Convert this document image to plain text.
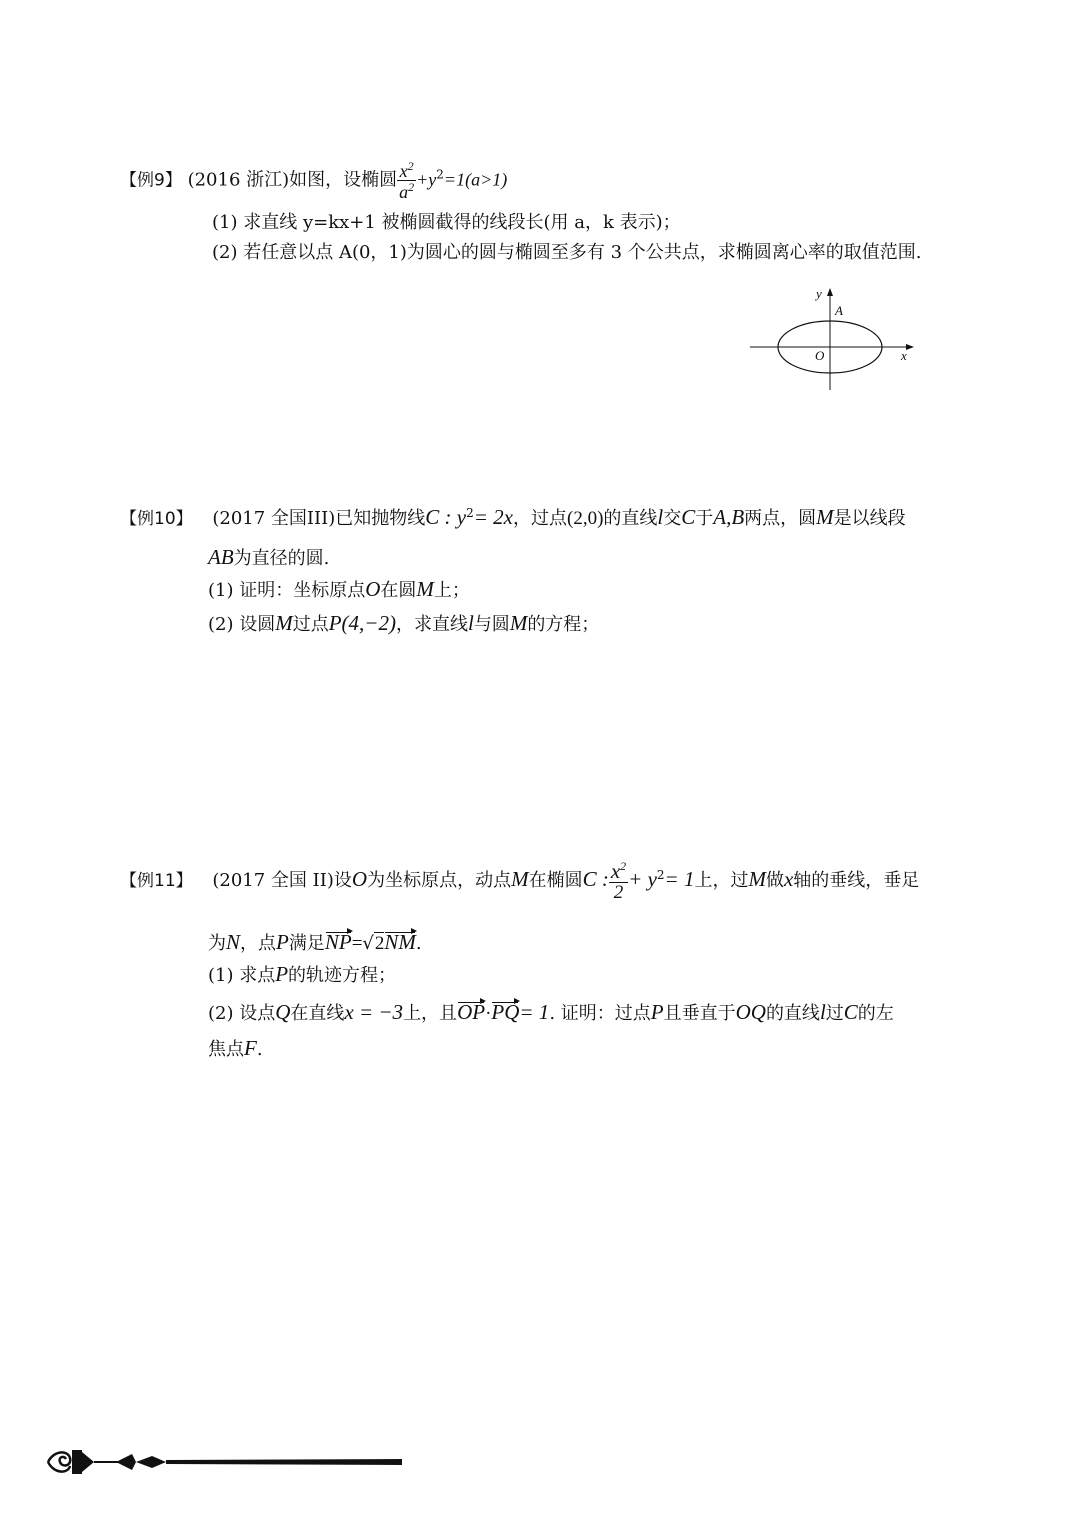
【例9】 (2016 浙江)如图，设椭圆 $\frac{x^2}{a^2} +y^2=1(a>1)$
(1) 求直线 y=kx+1 被椭圆截得的线段长(用 a，k 表示)；
(2) 若任意以点 A(0，1)为圆心的圆与椭圆至多有 3 个公共点，求椭圆离心率的取值范围.
y
A
O	x
【例10】 (2017 全国III)已知抛物线C : $y^2= 2x$，过点(2,0)的直线l交C于A,B两点，圆M是以线段
AB为直径的圆.
(1) 证明：坐标原点O在圆M上；
(2) 设圆M过点P(4,−2)，求直线l与圆M的方程；
【例11】 (2017 全国 II)设O为坐标原点，动点M在椭圆C : $\frac{x^2}{2} + y^2= 1$上，过M做x轴的垂线，垂足
为N，点P满足NP=√2NM.
(1) 求点P的轨迹方程；
(2) 设点Q在直线x = −3上，且OP·PQ= 1. 证明：过点P且垂直于OQ的直线l过C的左
焦点F.
